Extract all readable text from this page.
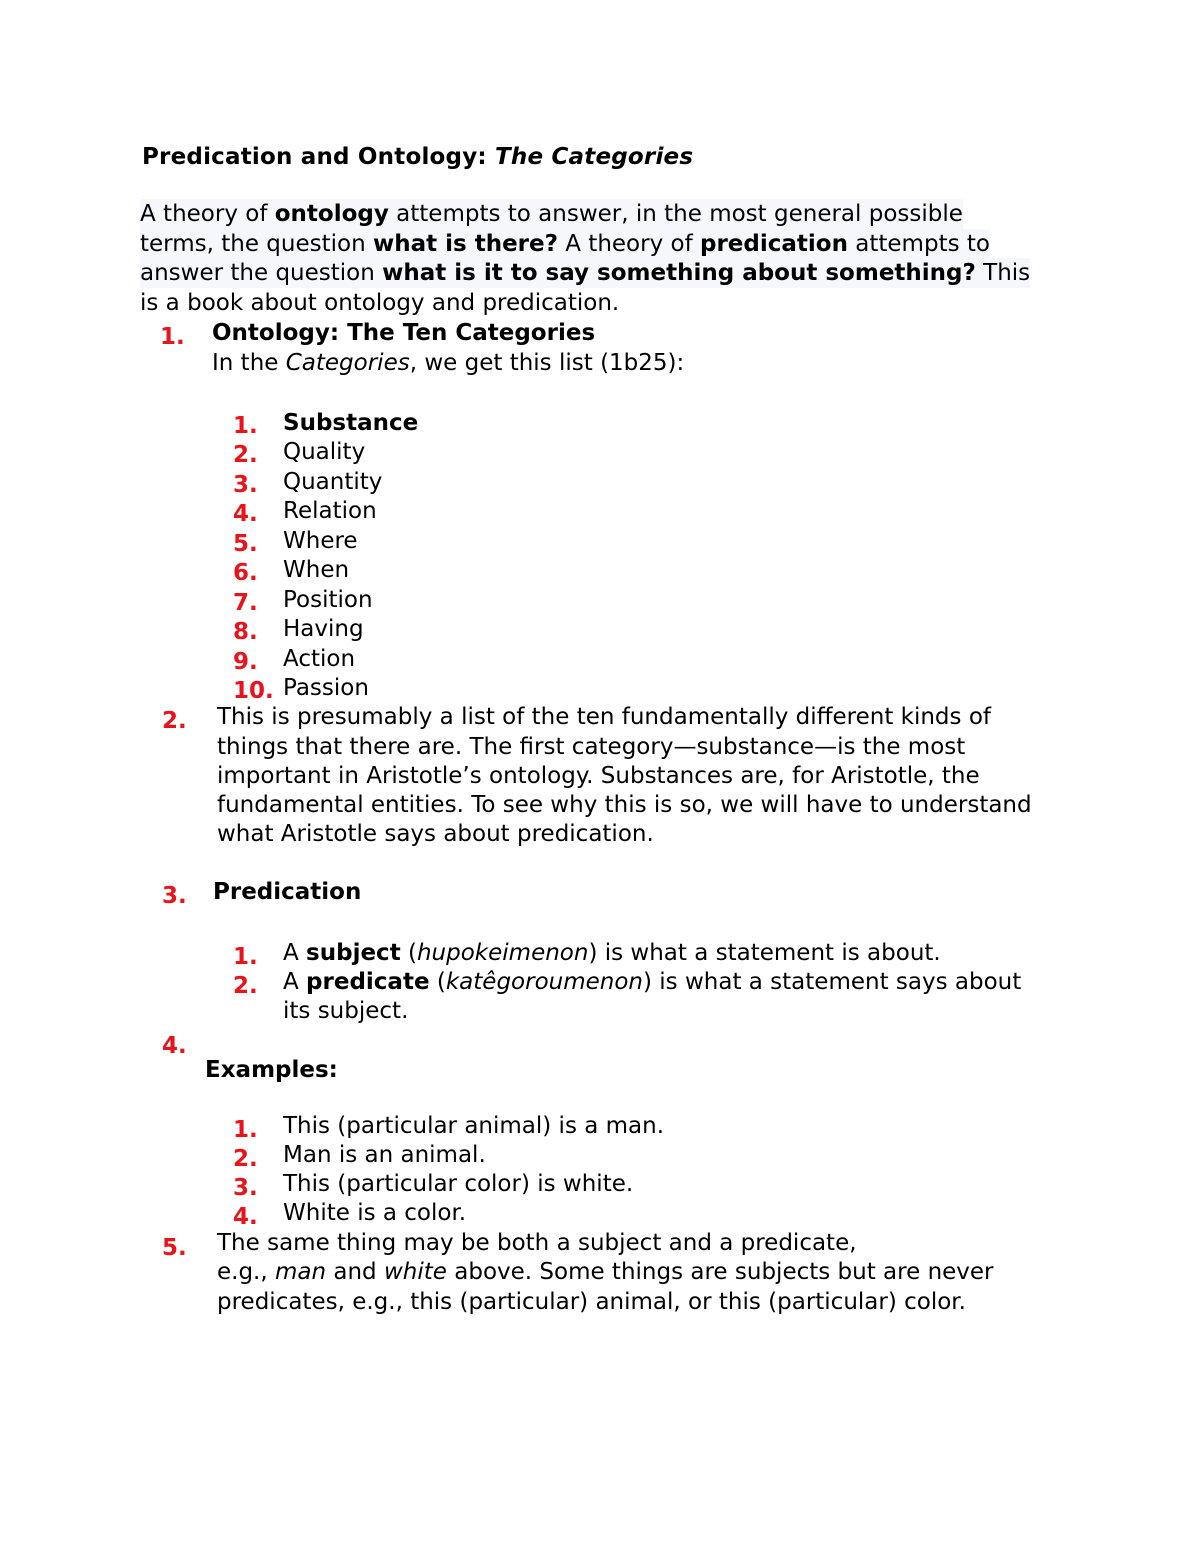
Predication and Ontology: The Categories
A theory of ontology attempts to answer, in the most general possible
terms, the question what is there? A theory of predication attempts to
answer the question what is it to say something about something? This
is a book about ontology and predication.
1. Ontology: The Ten Categories
In the Categories, we get this list (1b25):
1. Substance
2. Quality
3. Quantity
4. Relation
5. Where
6. When
7. Position
8. Having
9. Action
10. Passion
2. This is presumably a list of the ten fundamentally different kinds of
things that there are. The first category—substance—is the most
important in Aristotle’s ontology. Substances are, for Aristotle, the
fundamental entities. To see why this is so, we will have to understand
what Aristotle says about predication.
3. Predication
1. A subject (hupokeimenon) is what a statement is about.
2. A predicate (katêgoroumenon) is what a statement says about
its subject.
4.
Examples:
1. This (particular animal) is a man.
2. Man is an animal.
3. This (particular color) is white.
4. White is a color.
5. The same thing may be both a subject and a predicate,
e.g., man and white above. Some things are subjects but are never
predicates, e.g., this (particular) animal, or this (particular) color.
